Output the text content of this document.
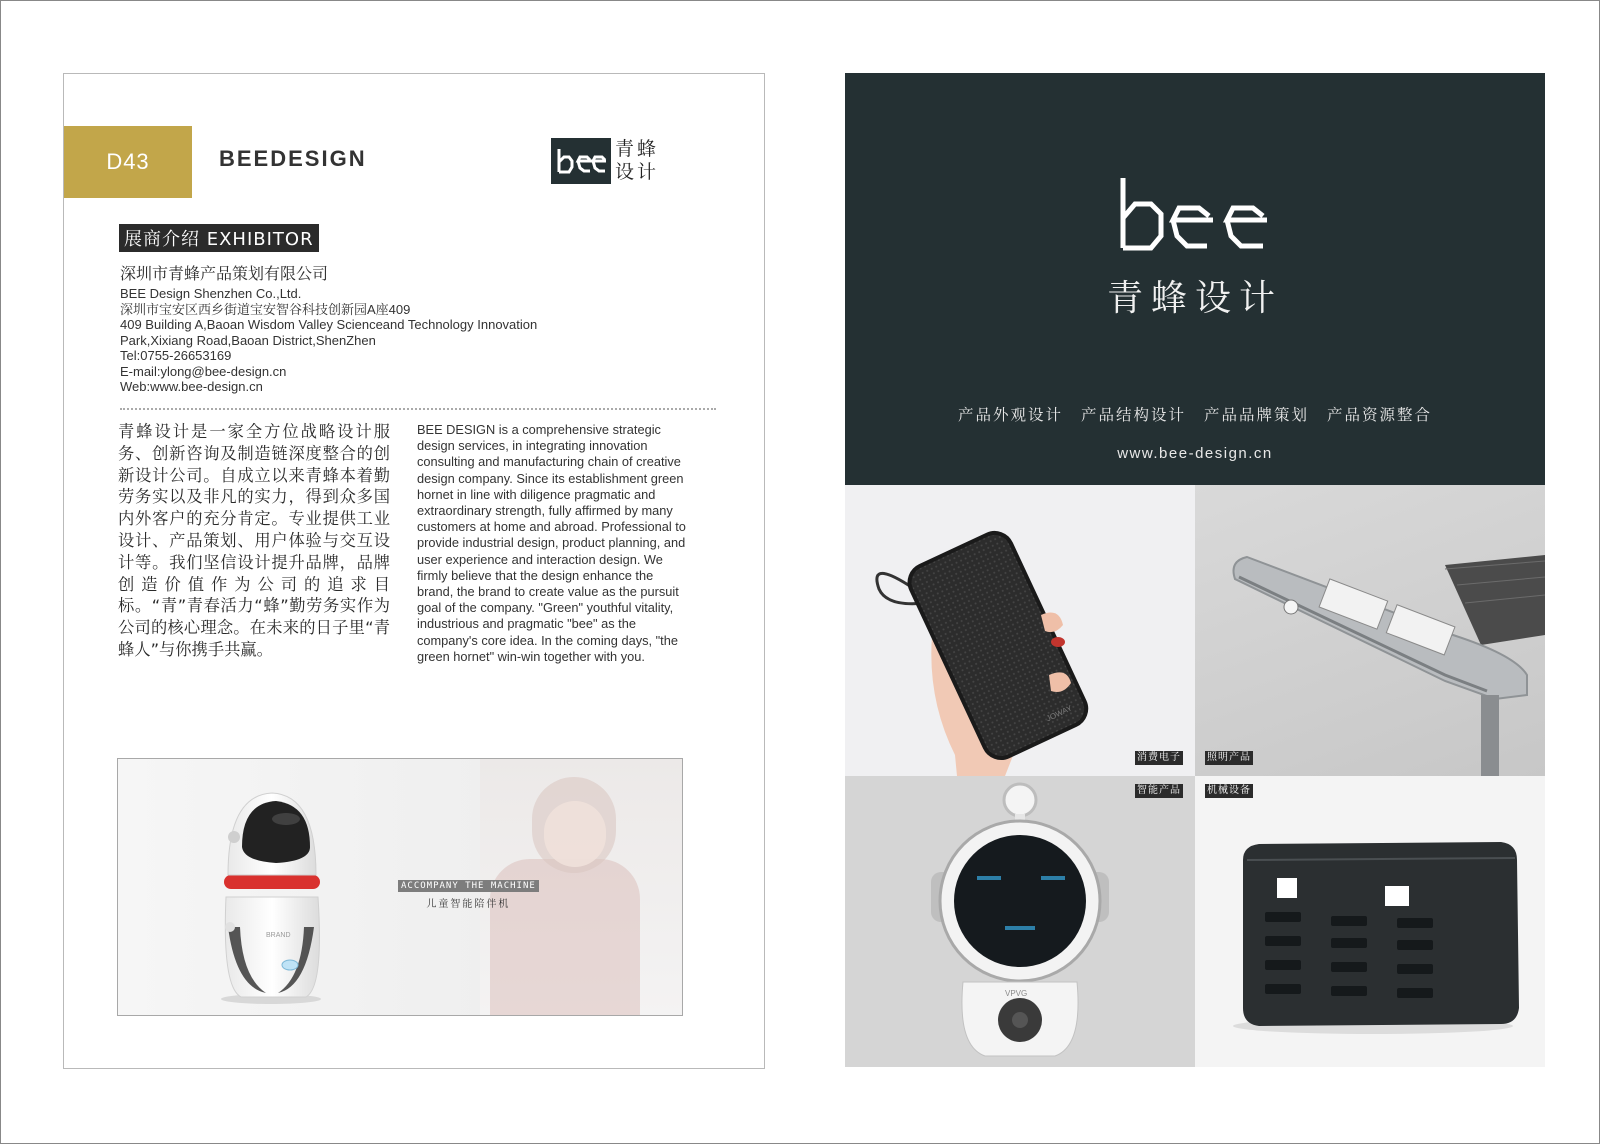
D43	BEEDESIGN	青蜂
设计
展商介绍 EXHIBITOR
深圳市青蜂产品策划有限公司
BEE Design Shenzhen Co.,Ltd.
深圳市宝安区西乡街道宝安智谷科技创新园A座409
409 Building A,Baoan Wisdom Valley Scienceand Technology Innovation
Park,Xixiang Road,Baoan District,ShenZhen
Tel:0755-26653169
E-mail:ylong@bee-design.cn
Web:www.bee-design.cn
青蜂设计是一家全方位战略设计服务、创新咨询及制造链深度整合的创新设计公司。自成立以来青蜂本着勤劳务实以及非凡的实力，得到众多国内外客户的充分肯定。专业提供工业设计、产品策划、用户体验与交互设计等。我们坚信设计提升品牌，品牌创造价值作为公司的追求目标。“青”青春活力“蜂”勤劳务实作为公司的核心理念。在未来的日子里“青蜂人”与你携手共赢。
BEE DESIGN is a comprehensive strategic design services, in integrating innovation consulting and manufacturing chain of creative design company. Since its establishment green hornet in line with diligence pragmatic and extraordinary strength, fully affirmed by many customers at home and abroad. Professional to provide industrial design, product planning, and user experience and interaction design. We firmly believe that the design enhance the brand, the brand to create value as the pursuit goal of the company. "Green" youthful vitality, industrious and pragmatic "bee" as the company's core idea. In the coming days, "the green hornet" win-win together with you.
BRAND
ACCOMPANY THE MACHINE
儿童智能陪伴机
青蜂设计
产品外观设计 产品结构设计 产品品牌策划 产品资源整合
www.bee-design.cn
JOWAY
消费电子	照明产品
VPVG
智能产品	机械设备
